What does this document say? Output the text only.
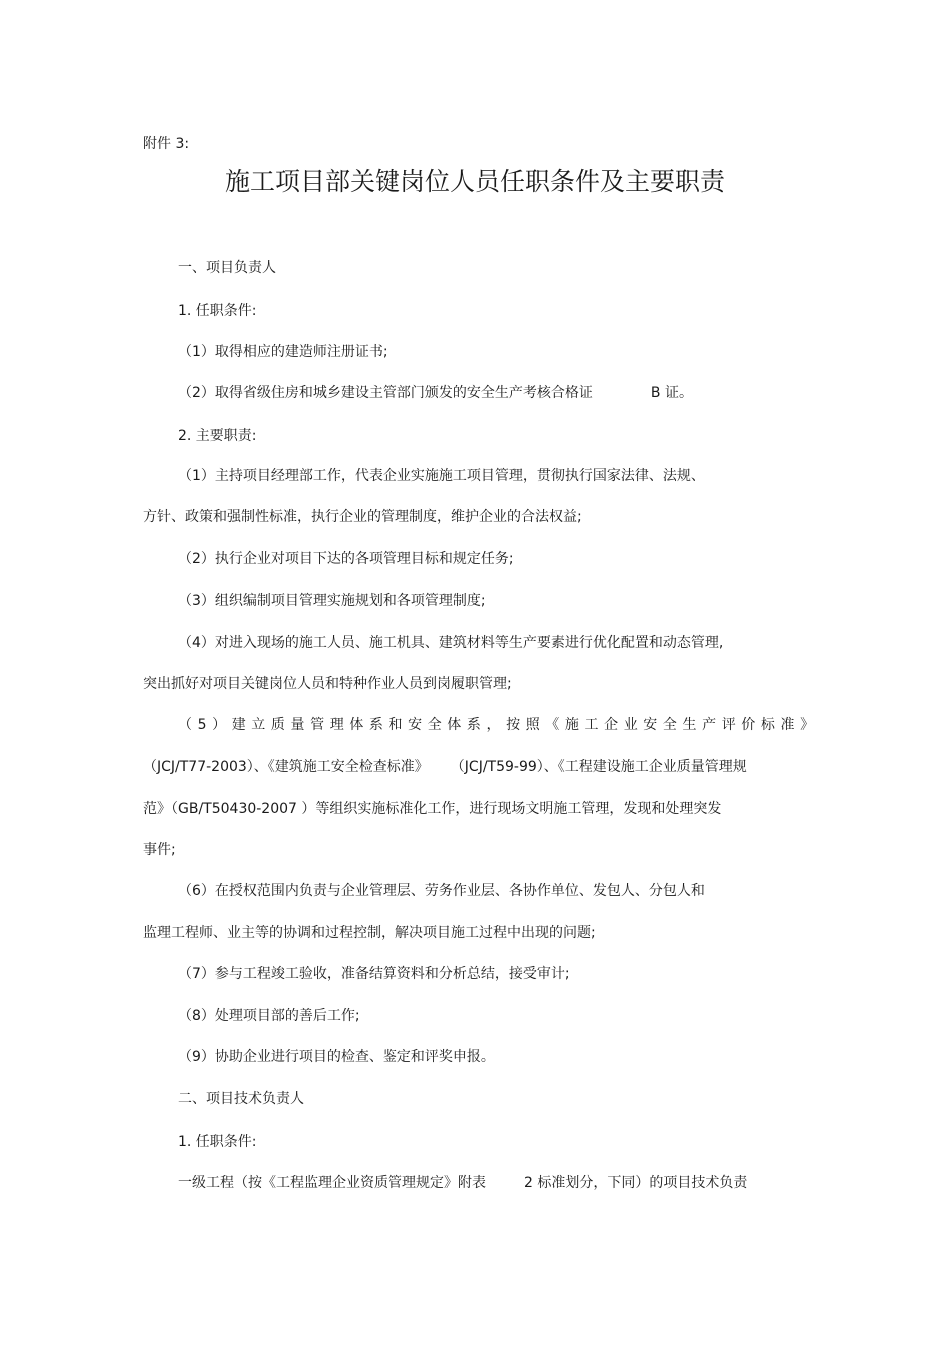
附件 3:
施工项目部关键岗位人员任职条件及主要职责
一、项目负责人
1. 任职条件:
（1）取得相应的建造师注册证书;
（2）取得省级住房和城乡建设主管部门颁发的安全生产考核合格证	B 证。
2. 主要职责:
（1）主持项目经理部工作，代表企业实施施工项目管理，贯彻执行国家法律、法规、
方针、政策和强制性标准，执行企业的管理制度，维护企业的合法权益;
（2）执行企业对项目下达的各项管理目标和规定任务;
（3）组织编制项目管理实施规划和各项管理制度;
（4）对进入现场的施工人员、施工机具、建筑材料等生产要素进行优化配置和动态管理,
突出抓好对项目关键岗位人员和特种作业人员到岗履职管理;
（5）建立质量管理体系和安全体系，按照《施工企业安全生产评价标准》
（JCJ/T77-2003）、《建筑施工安全检查标准》 （JCJ/T59-99）、《工程建设施工企业质量管理规
范》（GB/T50430-2007 ）等组织实施标准化工作，进行现场文明施工管理，发现和处理突发
事件;
（6）在授权范围内负责与企业管理层、劳务作业层、各协作单位、发包人、分包人和
监理工程师、业主等的协调和过程控制，解决项目施工过程中出现的问题;
（7）参与工程竣工验收，准备结算资料和分析总结，接受审计;
（8）处理项目部的善后工作;
（9）协助企业进行项目的检查、鉴定和评奖申报。
二、项目技术负责人
1. 任职条件:
一级工程（按《工程监理企业资质管理规定》附表	2 标准划分，下同）的项目技术负责
